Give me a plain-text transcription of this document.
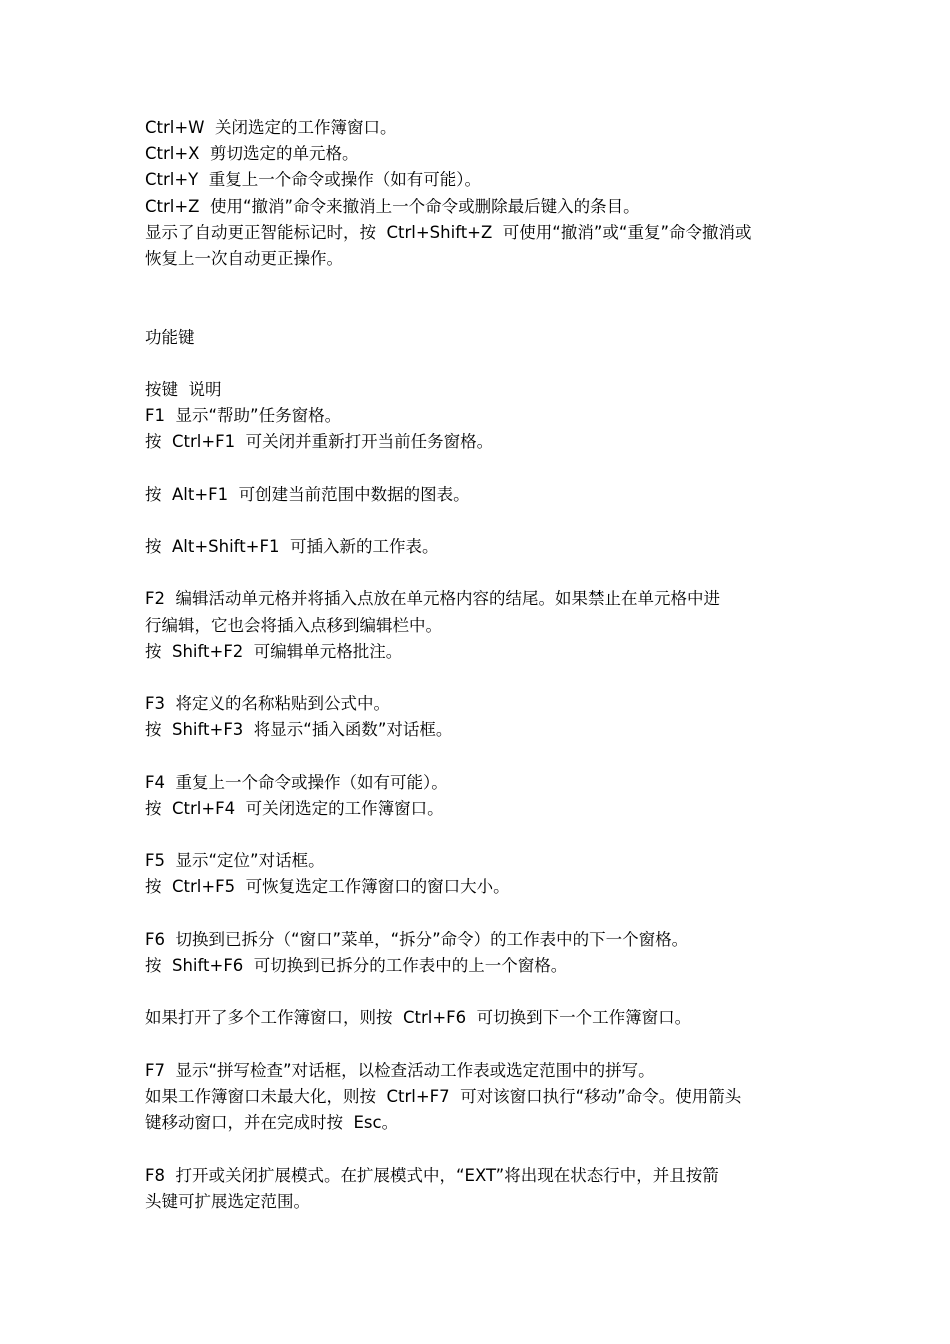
Ctrl+W  关闭选定的工作簿窗口。
Ctrl+X  剪切选定的单元格。
Ctrl+Y  重复上一个命令或操作（如有可能）。
Ctrl+Z  使用“撤消”命令来撤消上一个命令或删除最后键入的条目。
显示了自动更正智能标记时，按  Ctrl+Shift+Z  可使用“撤消”或“重复”命令撤消或
恢复上一次自动更正操作。
功能键
按键  说明
F1  显示“帮助”任务窗格。
按  Ctrl+F1  可关闭并重新打开当前任务窗格。
按  Alt+F1  可创建当前范围中数据的图表。
按  Alt+Shift+F1  可插入新的工作表。
F2  编辑活动单元格并将插入点放在单元格内容的结尾。如果禁止在单元格中进
行编辑，它也会将插入点移到编辑栏中。
按  Shift+F2  可编辑单元格批注。
F3  将定义的名称粘贴到公式中。
按  Shift+F3  将显示“插入函数”对话框。
F4  重复上一个命令或操作（如有可能）。
按  Ctrl+F4  可关闭选定的工作簿窗口。
F5  显示“定位”对话框。
按  Ctrl+F5  可恢复选定工作簿窗口的窗口大小。
F6  切换到已拆分（“窗口”菜单，“拆分”命令）的工作表中的下一个窗格。
按  Shift+F6  可切换到已拆分的工作表中的上一个窗格。
如果打开了多个工作簿窗口，则按  Ctrl+F6  可切换到下一个工作簿窗口。
F7  显示“拼写检查”对话框，以检查活动工作表或选定范围中的拼写。
如果工作簿窗口未最大化，则按  Ctrl+F7  可对该窗口执行“移动”命令。使用箭头
键移动窗口，并在完成时按  Esc。
F8  打开或关闭扩展模式。在扩展模式中，“EXT”将出现在状态行中，并且按箭
头键可扩展选定范围。
